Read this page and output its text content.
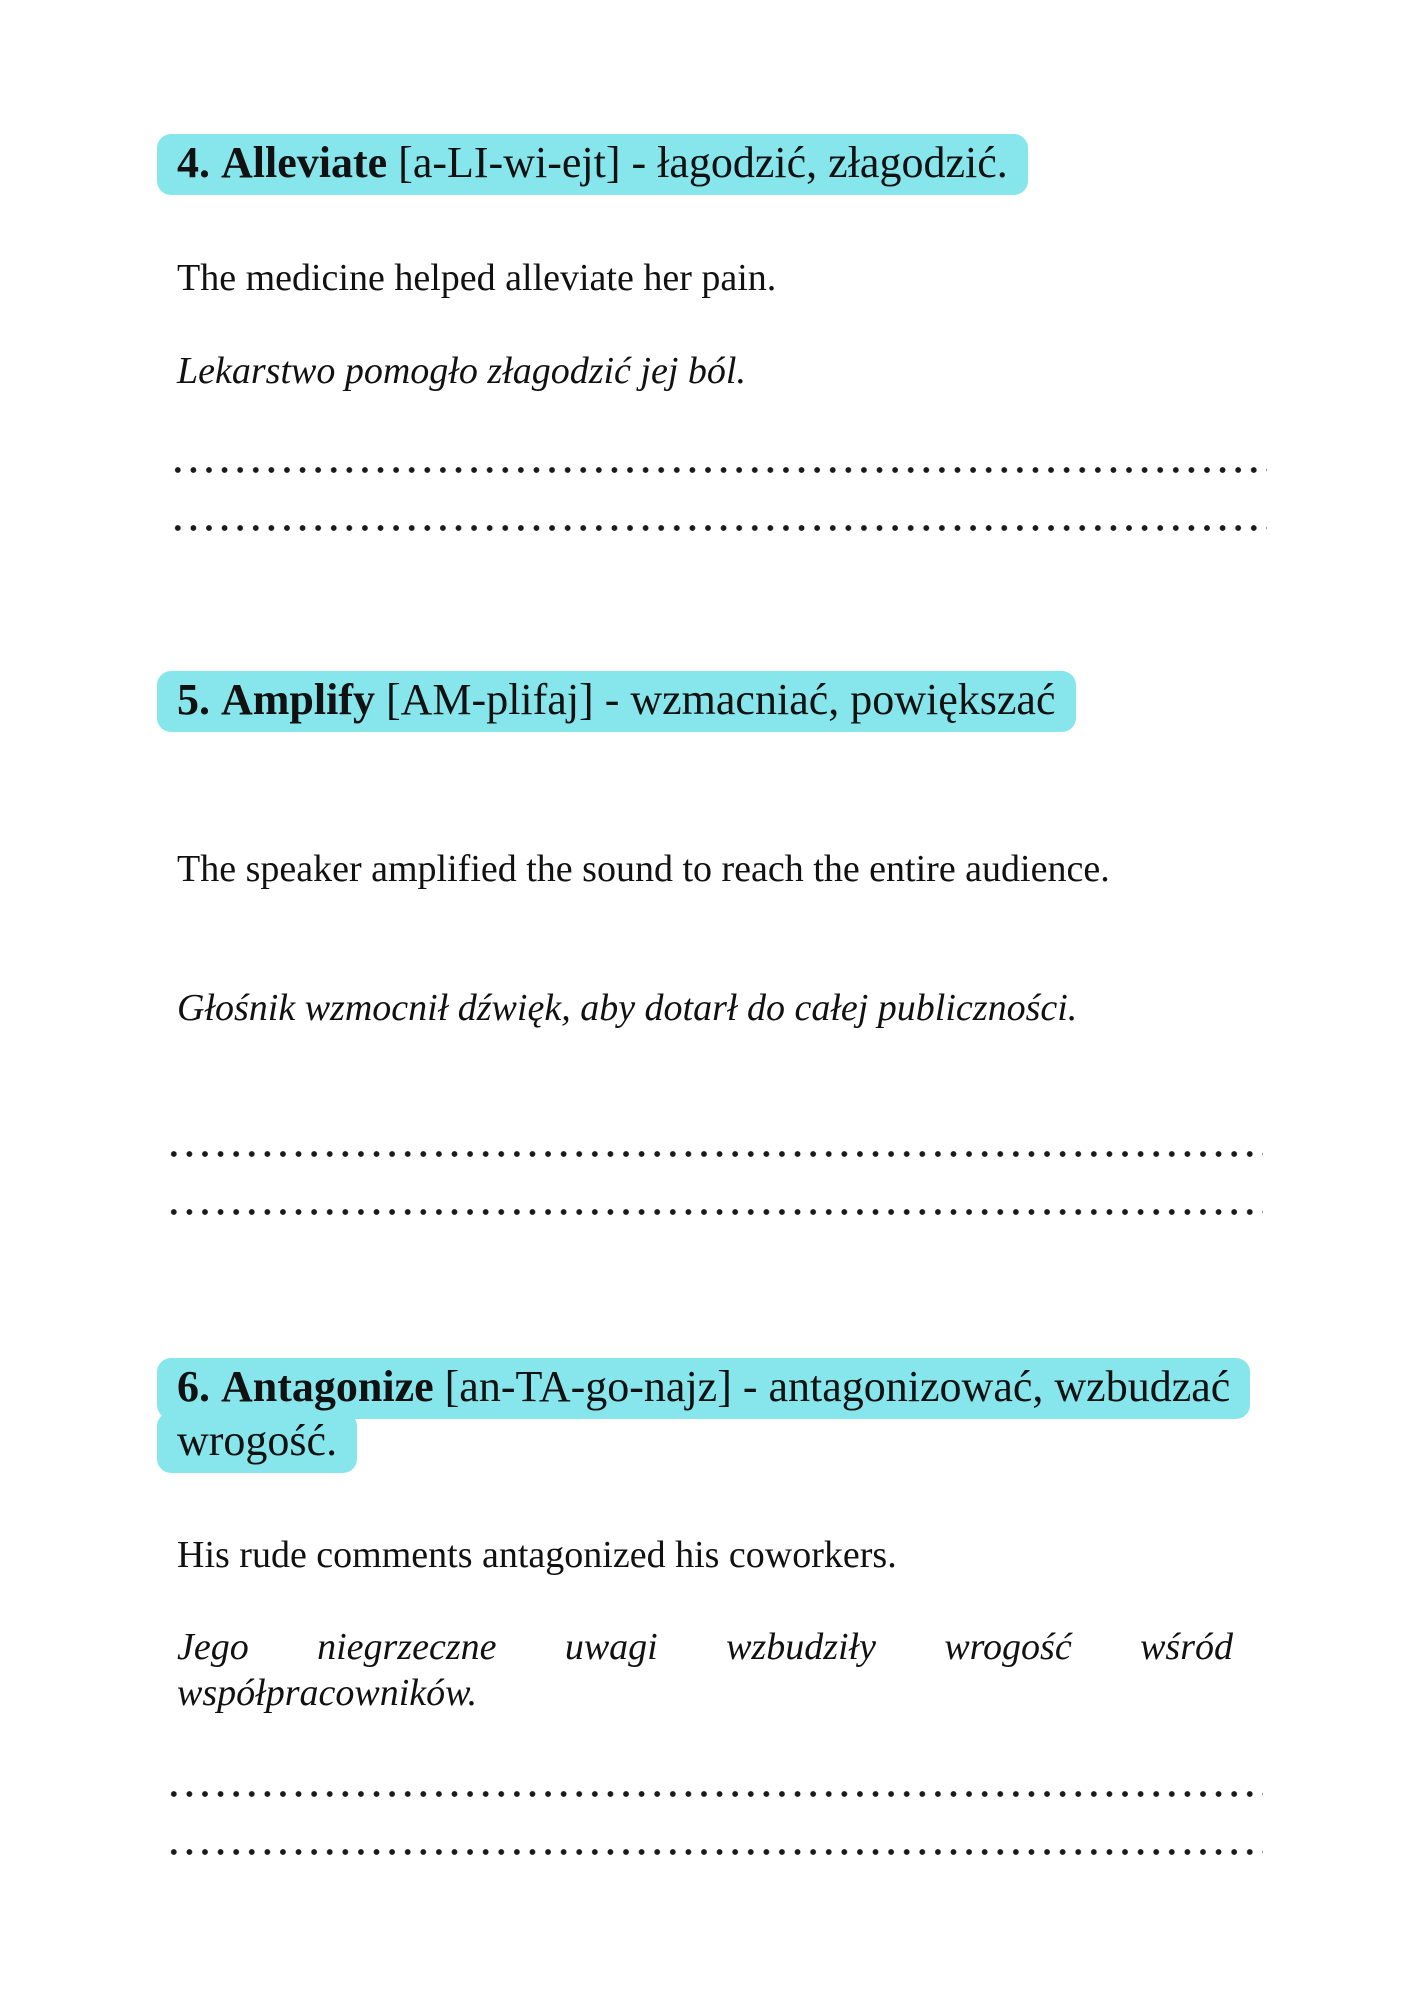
4. Alleviate [a-LI-wi-ejt] - łagodzić, złagodzić.
The medicine helped alleviate her pain.
Lekarstwo pomogło złagodzić jej ból.
5. Amplify [AM-plifaj] - wzmacniać, powiększać
The speaker amplified the sound to reach the entire audience.
Głośnik wzmocnił dźwięk, aby dotarł do całej publiczności.
6. Antagonize [an-TA-go-najz] - antagonizować, wzbudzać wrogość.
His rude comments antagonized his coworkers.
Jego niegrzeczne uwagi wzbudziły wrogość wśród współpracowników.
